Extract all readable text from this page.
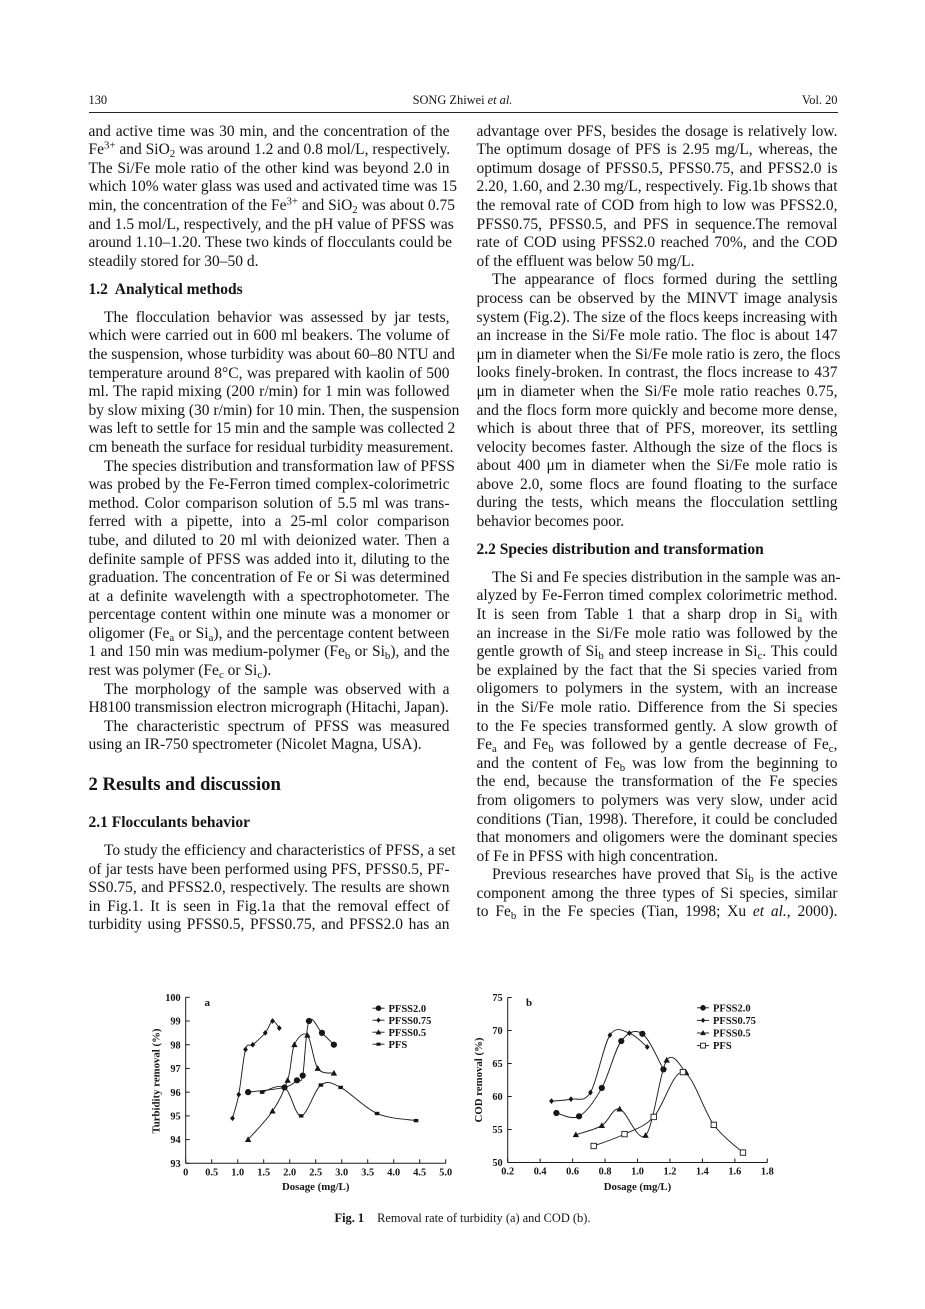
130	SONG Zhiwei et al.	Vol. 20
and active time was 30 min, and the concentration of the
$Fe^{3+}$ and SiO$_2$ was around 1.2 and 0.8 mol/L, respectively.
The Si/Fe mole ratio of the other kind was beyond 2.0 in
which 10% water glass was used and activated time was 15
min, the concentration of the $Fe^{3+}$ and SiO$_2$ was about 0.75
and 1.5 mol/L, respectively, and the pH value of PFSS was
around 1.10–1.20. These two kinds of flocculants could be
steadily stored for 30–50 d.
1.2  Analytical methods
The flocculation behavior was assessed by jar tests,
which were carried out in 600 ml beakers. The volume of
the suspension, whose turbidity was about 60–80 NTU and
temperature around 8°C, was prepared with kaolin of 500
ml. The rapid mixing (200 r/min) for 1 min was followed
by slow mixing (30 r/min) for 10 min. Then, the suspension
was left to settle for 15 min and the sample was collected 2
cm beneath the surface for residual turbidity measurement.
The species distribution and transformation law of PFSS
was probed by the Fe-Ferron timed complex-colorimetric
method. Color comparison solution of 5.5 ml was trans-
ferred with a pipette, into a 25-ml color comparison
tube, and diluted to 20 ml with deionized water. Then a
definite sample of PFSS was added into it, diluting to the
graduation. The concentration of Fe or Si was determined
at a definite wavelength with a spectrophotometer. The
percentage content within one minute was a monomer or
oligomer ($Fe_a$ or $Si_a$), and the percentage content between
1 and 150 min was medium-polymer ($Fe_b$ or $Si_b$), and the
rest was polymer ($Fe_c$ or $Si_c$).
The morphology of the sample was observed with a
H8100 transmission electron micrograph (Hitachi, Japan).
The characteristic spectrum of PFSS was measured
using an IR-750 spectrometer (Nicolet Magna, USA).
2 Results and discussion
2.1 Flocculants behavior
To study the efficiency and characteristics of PFSS, a set
of jar tests have been performed using PFS, PFSS0.5, PF-
SS0.75, and PFSS2.0, respectively. The results are shown
in Fig.1. It is seen in Fig.1a that the removal effect of
turbidity using PFSS0.5, PFSS0.75, and PFSS2.0 has an
advantage over PFS, besides the dosage is relatively low.
The optimum dosage of PFS is 2.95 mg/L, whereas, the
optimum dosage of PFSS0.5, PFSS0.75, and PFSS2.0 is
2.20, 1.60, and 2.30 mg/L, respectively. Fig.1b shows that
the removal rate of COD from high to low was PFSS2.0,
PFSS0.75, PFSS0.5, and PFS in sequence.The removal
rate of COD using PFSS2.0 reached 70%, and the COD
of the effluent was below 50 mg/L.
The appearance of flocs formed during the settling
process can be observed by the MINVT image analysis
system (Fig.2). The size of the flocs keeps increasing with
an increase in the Si/Fe mole ratio. The floc is about 147
μm in diameter when the Si/Fe mole ratio is zero, the flocs
looks finely-broken. In contrast, the flocs increase to 437
μm in diameter when the Si/Fe mole ratio reaches 0.75,
and the flocs form more quickly and become more dense,
which is about three that of PFS, moreover, its settling
velocity becomes faster. Although the size of the flocs is
about 400 μm in diameter when the Si/Fe mole ratio is
above 2.0, some flocs are found floating to the surface
during the tests, which means the flocculation settling
behavior becomes poor.
2.2 Species distribution and transformation
The Si and Fe species distribution in the sample was an-
alyzed by Fe-Ferron timed complex colorimetric method.
It is seen from Table 1 that a sharp drop in $Si_a$ with
an increase in the Si/Fe mole ratio was followed by the
gentle growth of $Si_b$ and steep increase in $Si_c$. This could
be explained by the fact that the Si species varied from
oligomers to polymers in the system, with an increase
in the Si/Fe mole ratio. Difference from the Si species
to the Fe species transformed gently. A slow growth of
$Fe_a$ and $Fe_b$ was followed by a gentle decrease of $Fe_c$,
and the content of $Fe_b$ was low from the beginning to
the end, because the transformation of the Fe species
from oligomers to polymers was very slow, under acid
conditions (Tian, 1998). Therefore, it could be concluded
that monomers and oligomers were the dominant species
of Fe in PFSS with high concentration.
Previous researches have proved that $Si_b$ is the active
component among the three types of Si species, similar
to $Fe_b$ in the Fe species (Tian, 1998; Xu et al., 2000).
a
Dosage (mg/L)
Turbidity removal (%)
0 0.5 1.0 1.5 2.0 2.5 3.0 3.5 4.0 4.5 5.0
93
94
95
96
97
98
99
100
PFSS2.0
PFSS0.75
PFSS0.5
PFS
b
Dosage (mg/L)
COD removal (%)
0.2 0.4 0.6 0.8 1.0 1.2 1.4 1.6 1.8
50
55
60
65
70
75
PFSS2.0
PFSS0.75
PFSS0.5
PFS
Fig. 1 Removal rate of turbidity (a) and COD (b).
